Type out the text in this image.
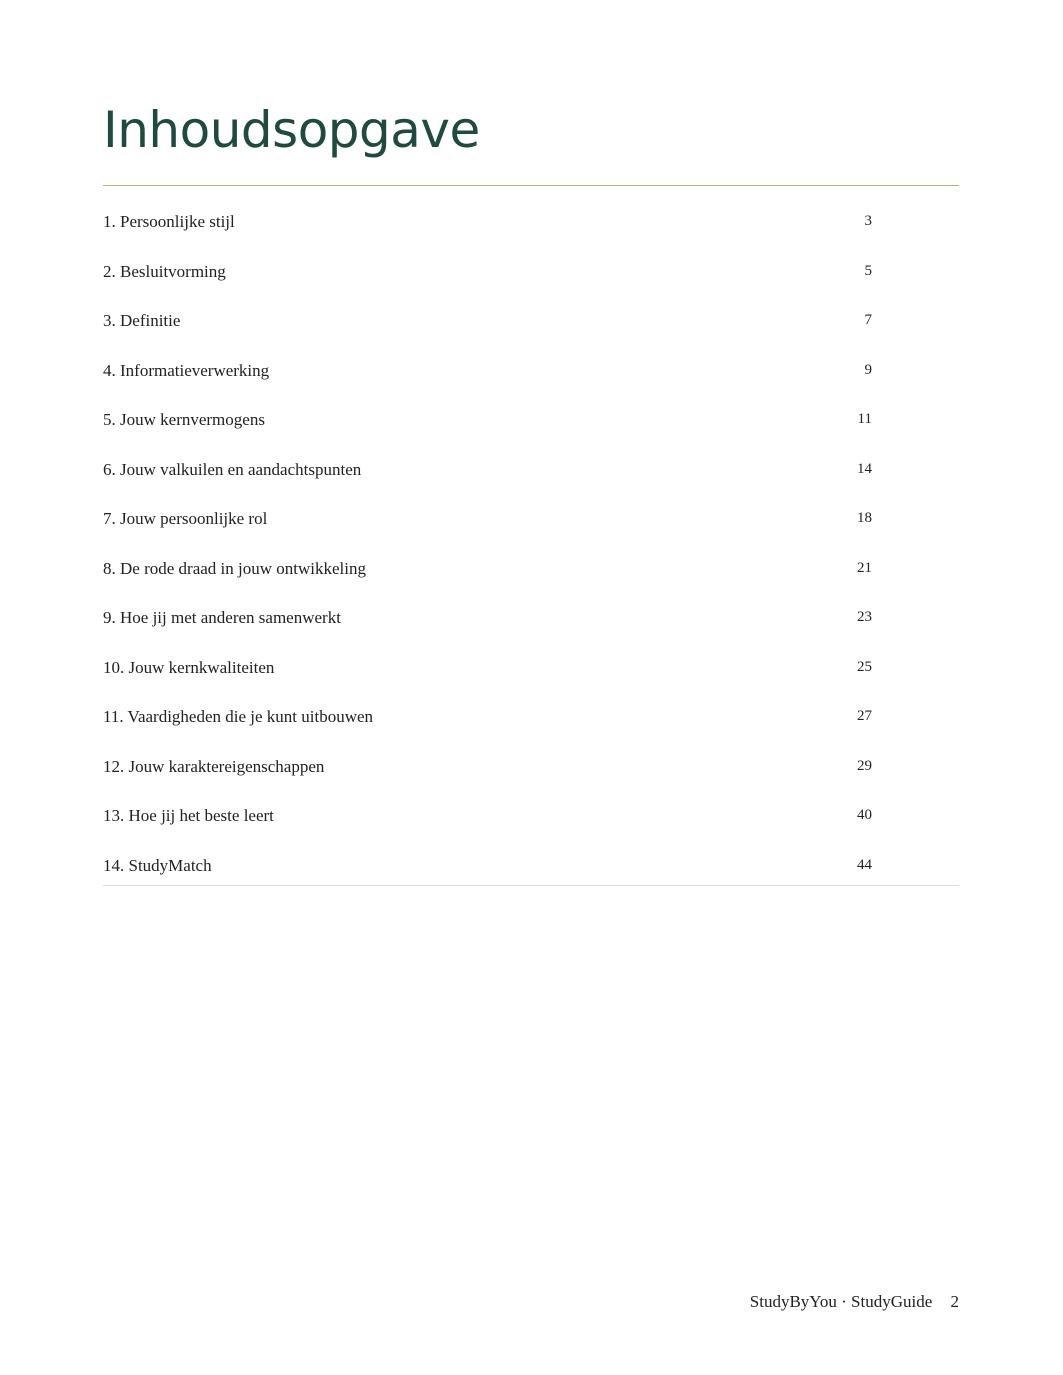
Inhoudsopgave
1. Persoonlijke stijl	3
2. Besluitvorming	5
3. Definitie	7
4. Informatieverwerking	9
5. Jouw kernvermogens	11
6. Jouw valkuilen en aandachtspunten	14
7. Jouw persoonlijke rol	18
8. De rode draad in jouw ontwikkeling	21
9. Hoe jij met anderen samenwerkt	23
10. Jouw kernkwaliteiten	25
11. Vaardigheden die je kunt uitbouwen	27
12. Jouw karaktereigenschappen	29
13. Hoe jij het beste leert	40
14. StudyMatch	44
StudyByYou · StudyGuide 2
